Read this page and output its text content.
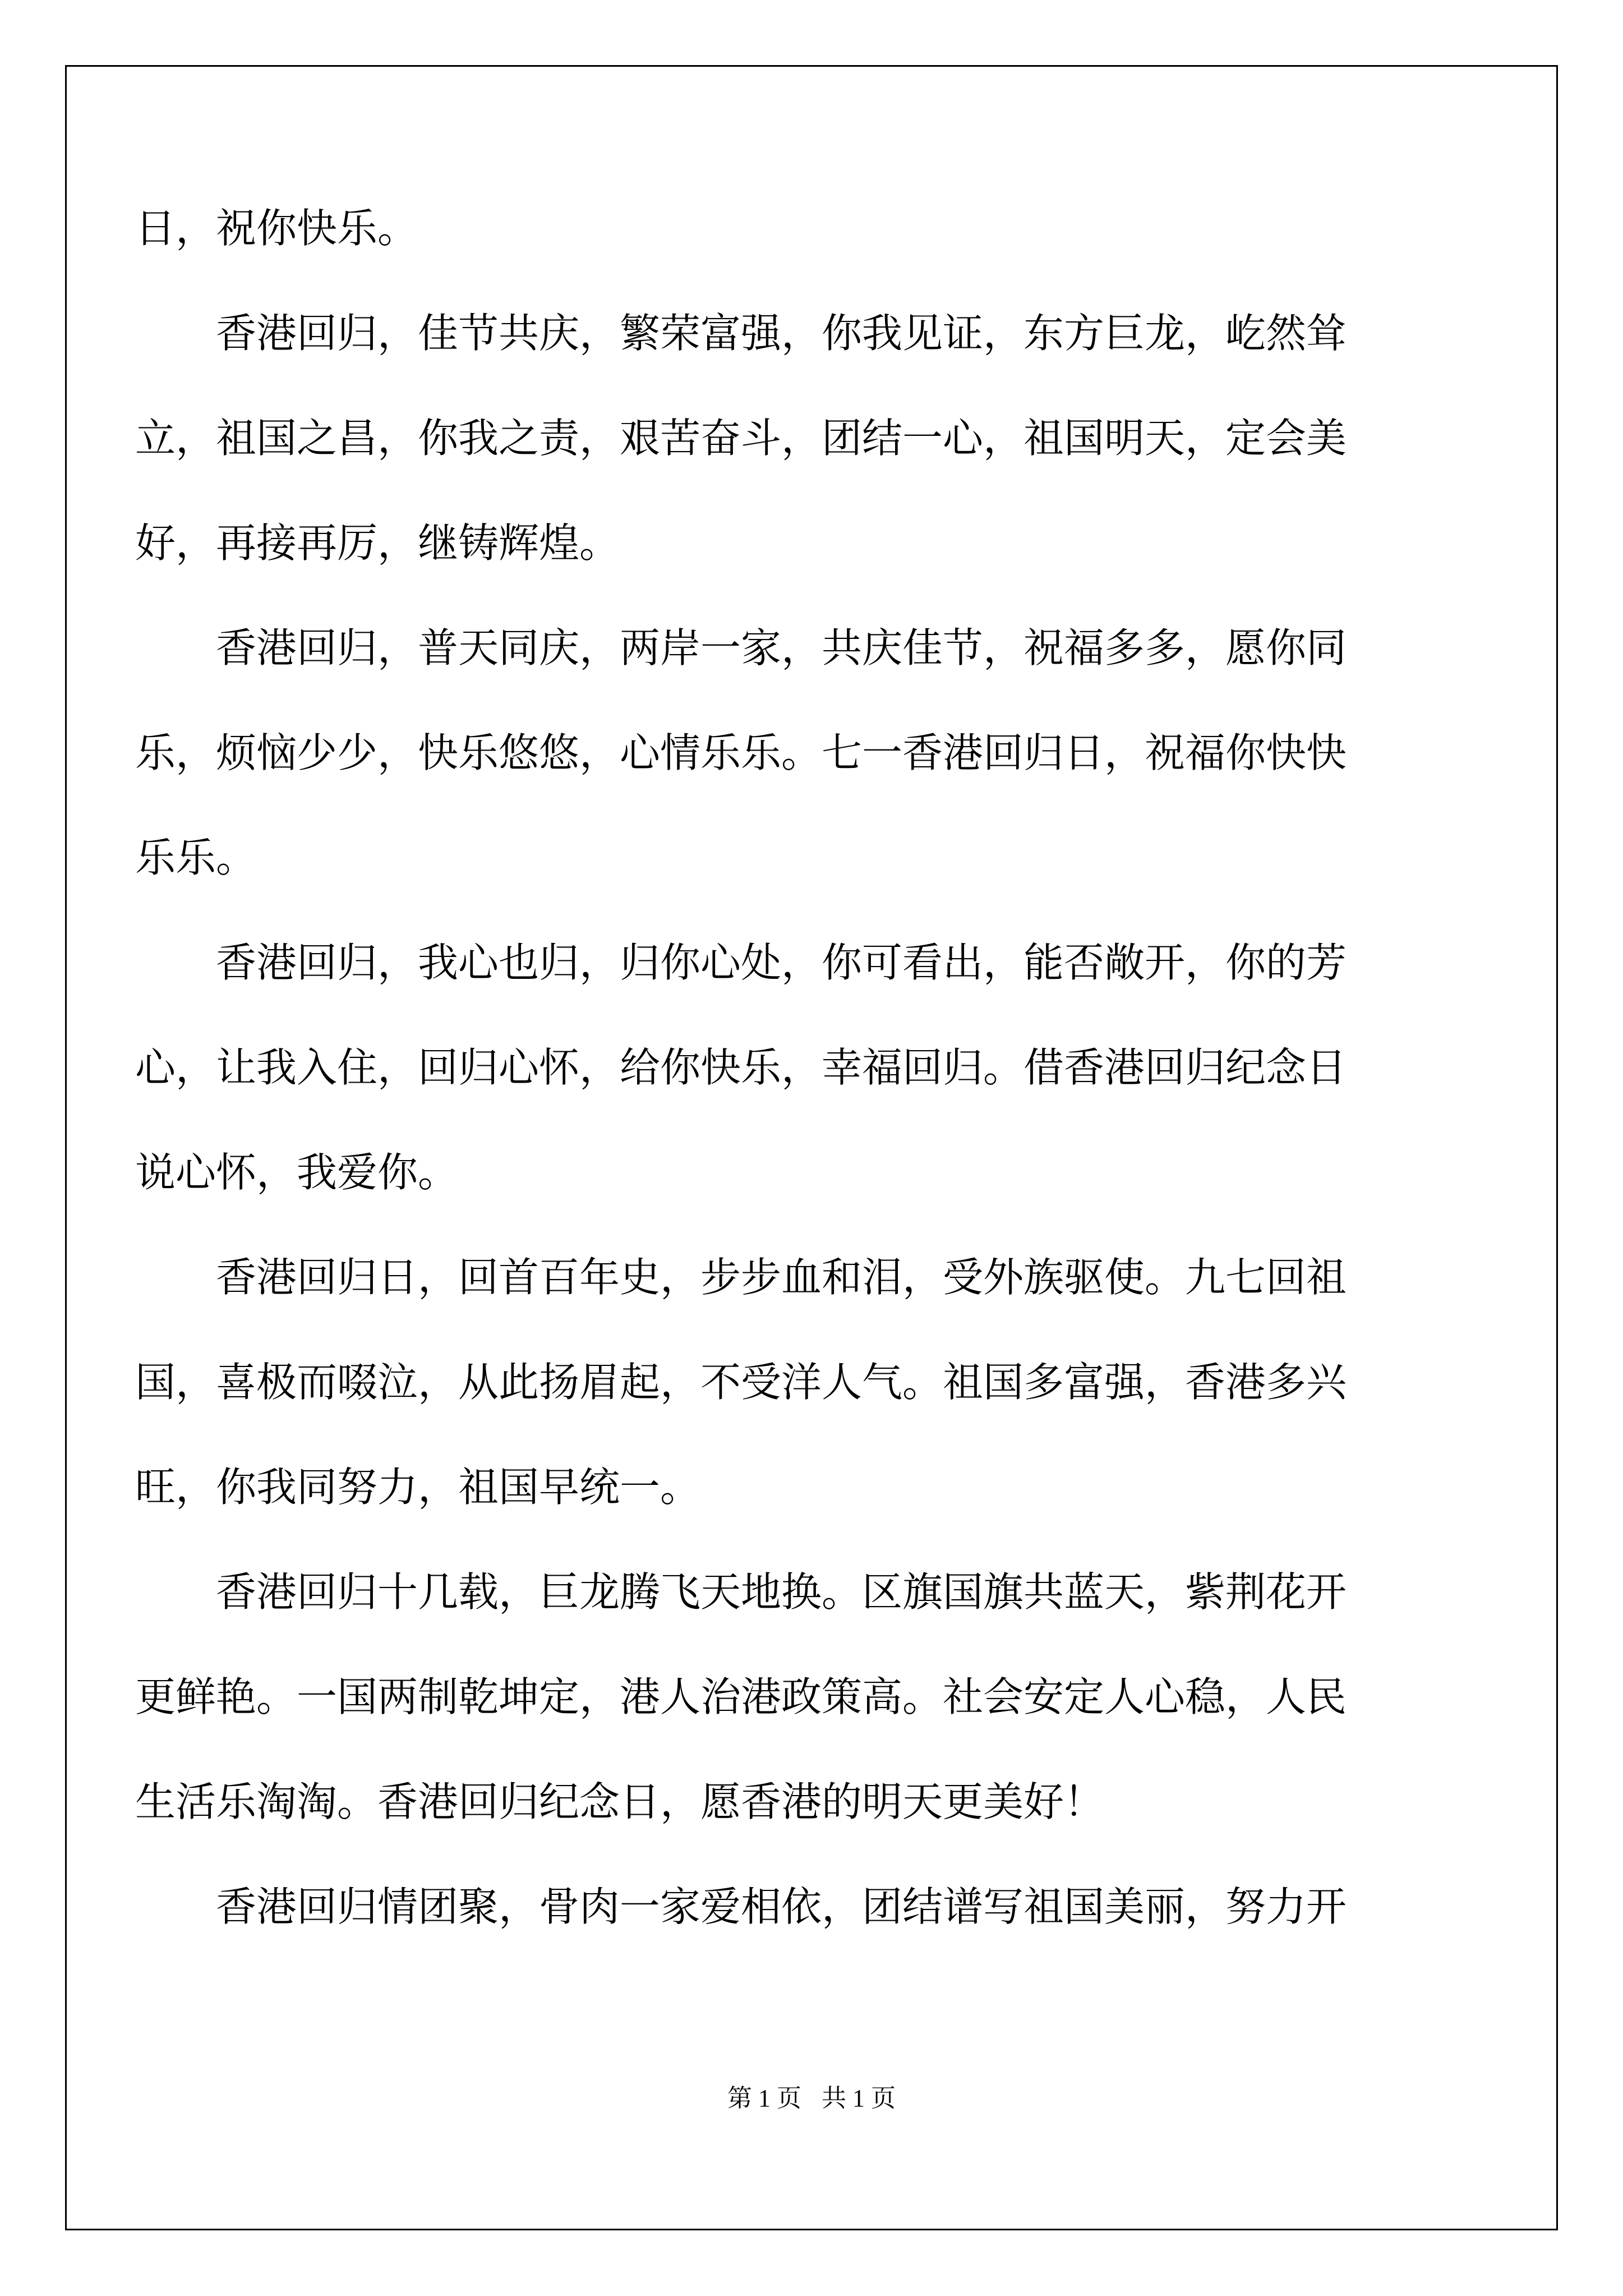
日，祝你快乐。
香港回归，佳节共庆，繁荣富强，你我见证，东方巨龙，屹然耸
立，祖国之昌，你我之责，艰苦奋斗，团结一心，祖国明天，定会美
好，再接再厉，继铸辉煌。
香港回归，普天同庆，两岸一家，共庆佳节，祝福多多，愿你同
乐，烦恼少少，快乐悠悠，心情乐乐。七一香港回归日，祝福你快快
乐乐。
香港回归，我心也归，归你心处，你可看出，能否敞开，你的芳
心，让我入住，回归心怀，给你快乐，幸福回归。借香港回归纪念日
说心怀，我爱你。
香港回归日，回首百年史，步步血和泪，受外族驱使。九七回祖
国，喜极而啜泣，从此扬眉起，不受洋人气。祖国多富强，香港多兴
旺，你我同努力，祖国早统一。
香港回归十几载，巨龙腾飞天地换。区旗国旗共蓝天，紫荆花开
更鲜艳。一国两制乾坤定，港人治港政策高。社会安定人心稳，人民
生活乐淘淘。香港回归纪念日，愿香港的明天更美好！
香港回归情团聚，骨肉一家爱相依，团结谱写祖国美丽，努力开
第 1 页 共 1 页
